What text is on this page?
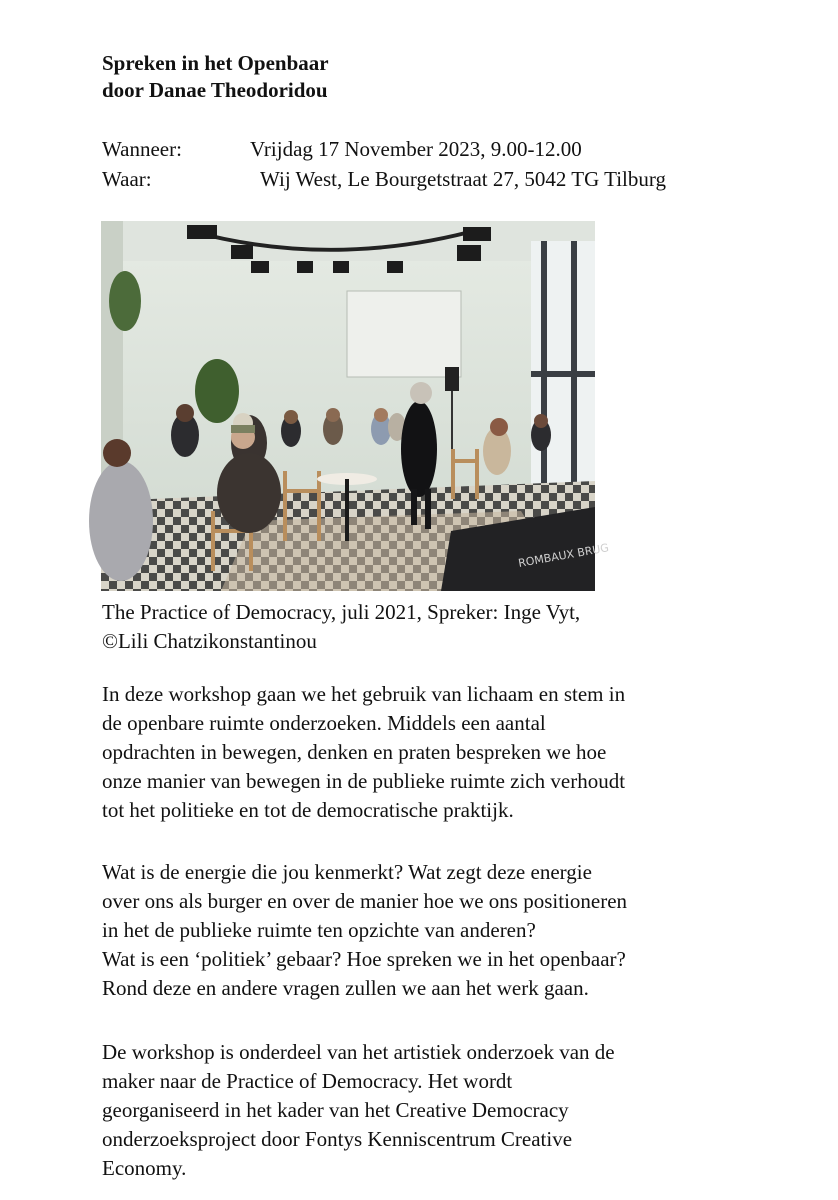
Spreken in het Openbaar
door Danae Theodoridou
Wanneer:	Vrijdag 17 November 2023, 9.00-12.00
Waar:	Wij West, Le Bourgetstraat 27, 5042 TG Tilburg
ROMBAUX BRUG
The Practice of Democracy, juli 2021, Spreker: Inge Vyt,
©Lili Chatzikonstantinou
In deze workshop gaan we het gebruik van lichaam en stem in
de openbare ruimte onderzoeken. Middels een aantal
opdrachten in bewegen, denken en praten bespreken we hoe
onze manier van bewegen in de publieke ruimte zich verhoudt
tot het politieke en tot de democratische praktijk.
Wat is de energie die jou kenmerkt? Wat zegt deze energie
over ons als burger en over de manier hoe we ons positioneren
in het de publieke ruimte ten opzichte van anderen?
Wat is een ‘politiek’ gebaar? Hoe spreken we in het openbaar?
Rond deze en andere vragen zullen we aan het werk gaan.
De workshop is onderdeel van het artistiek onderzoek van de
maker naar de Practice of Democracy. Het wordt
georganiseerd in het kader van het Creative Democracy
onderzoeksproject door Fontys Kenniscentrum Creative
Economy.
